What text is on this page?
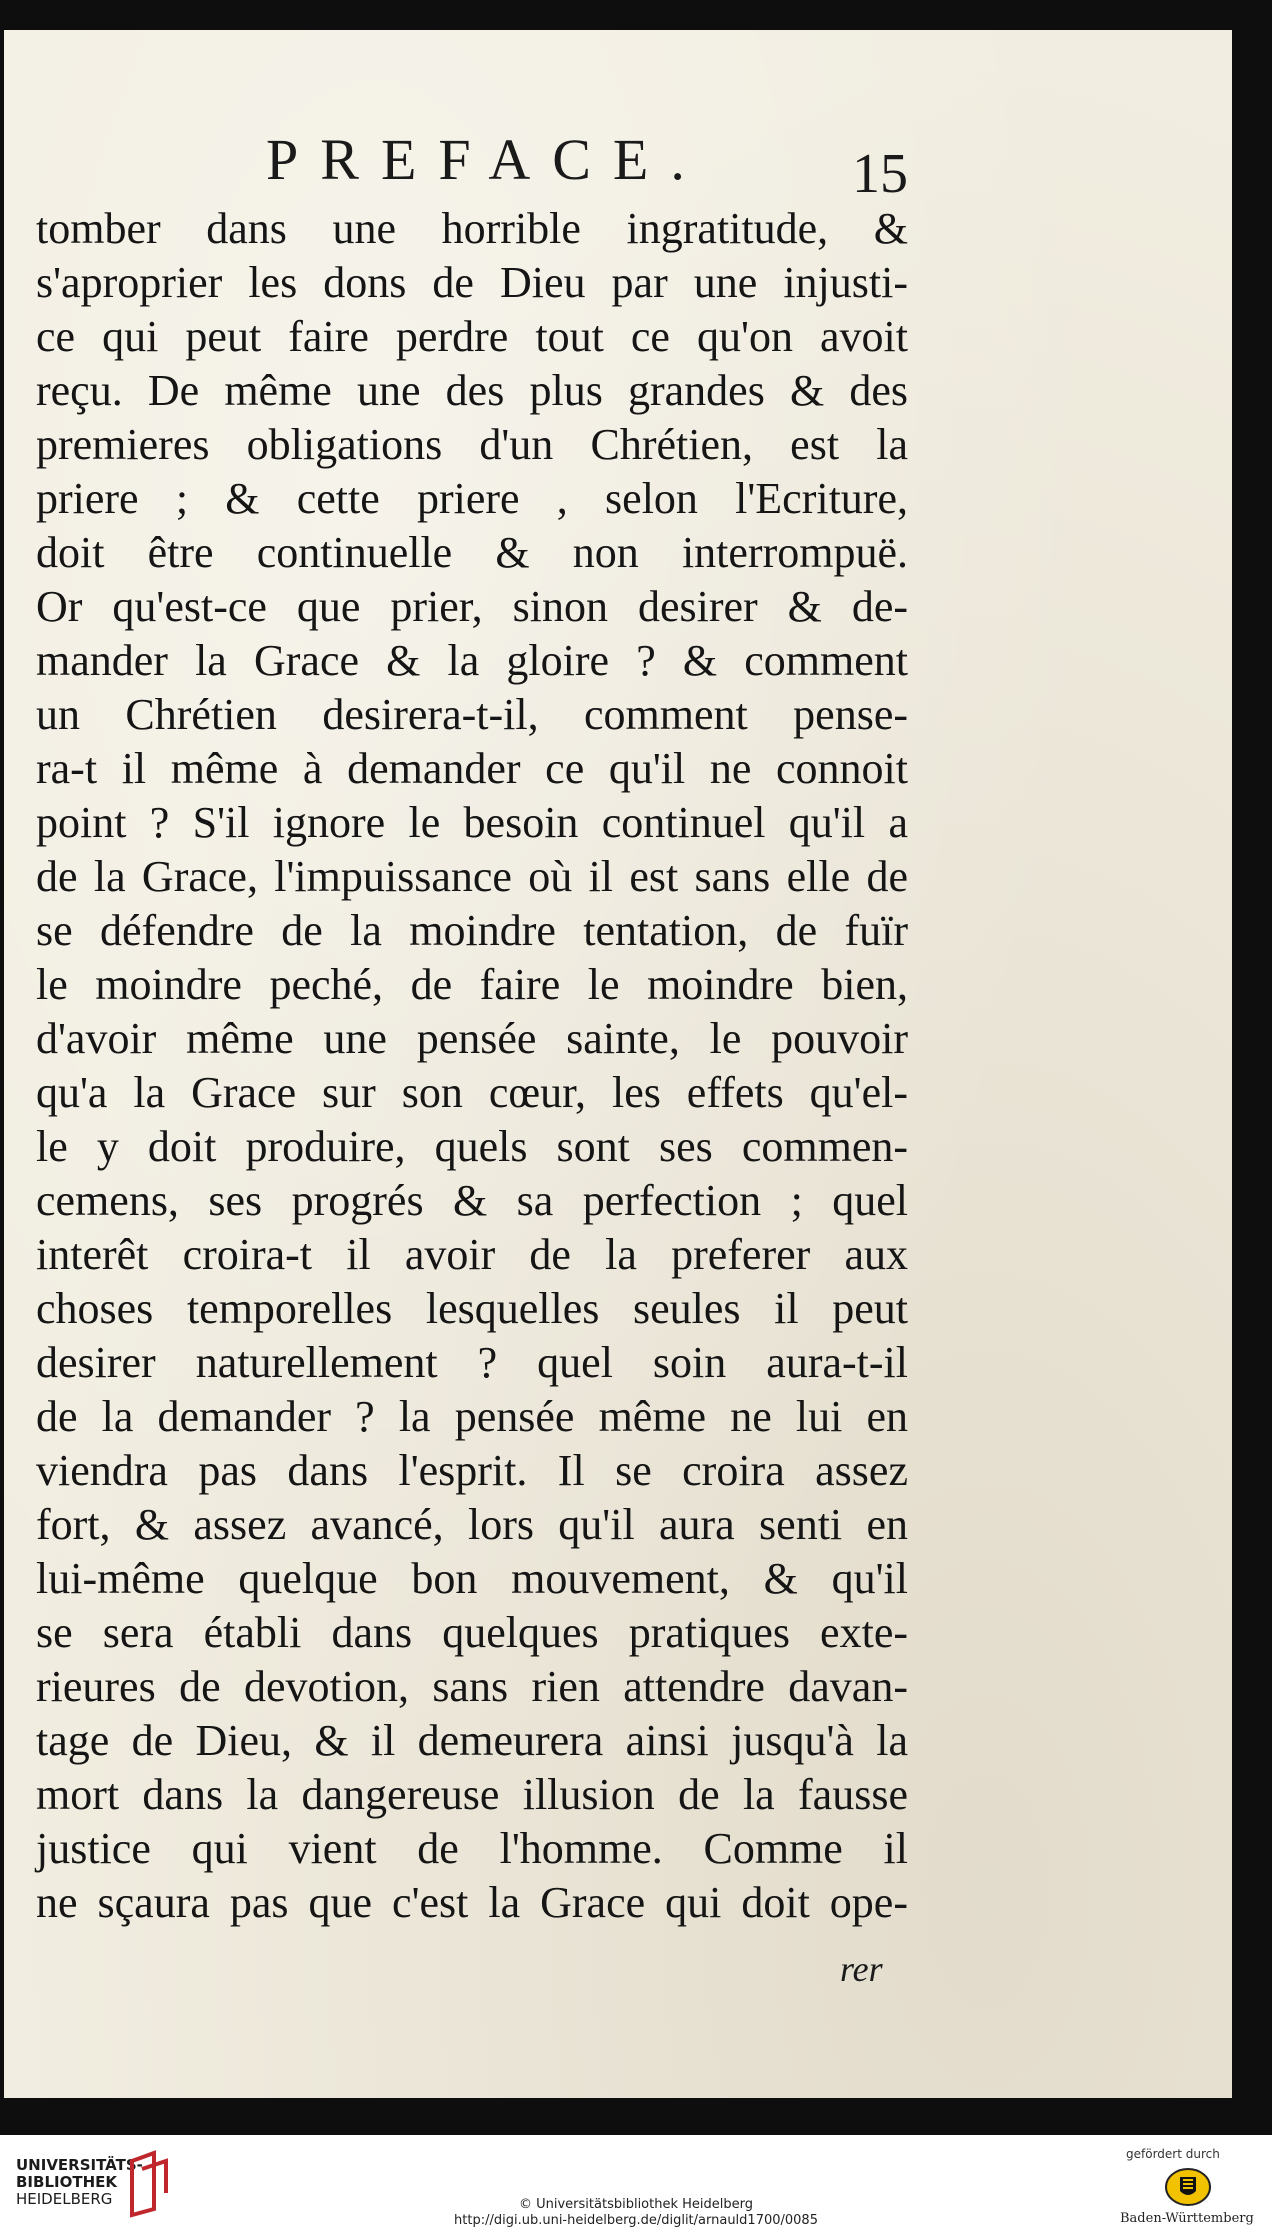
PREFACE.	15
tomber dans une horrible ingratitude, &
s'aproprier les dons de Dieu par une injusti-
ce qui peut faire perdre tout ce qu'on avoit
reçu. De même une des plus grandes & des
premieres obligations d'un Chrétien, est la
priere ; & cette priere , selon l'Ecriture,
doit être continuelle & non interrompuë.
Or qu'est-ce que prier, sinon desirer & de-
mander la Grace & la gloire ? & comment
un Chrétien desirera-t-il, comment pense-
ra-t il même à demander ce qu'il ne connoit
point ? S'il ignore le besoin continuel qu'il a
de la Grace, l'impuissance où il est sans elle de
se défendre de la moindre tentation, de fuïr
le moindre peché, de faire le moindre bien,
d'avoir même une pensée sainte, le pouvoir
qu'a la Grace sur son cœur, les effets qu'el-
le y doit produire, quels sont ses commen-
cemens, ses progrés & sa perfection ; quel
interêt croira-t il avoir de la preferer aux
choses temporelles lesquelles seules il peut
desirer naturellement ? quel soin aura-t-il
de la demander ? la pensée même ne lui en
viendra pas dans l'esprit. Il se croira assez
fort, & assez avancé, lors qu'il aura senti en
lui-même quelque bon mouvement, & qu'il
se sera établi dans quelques pratiques exte-
rieures de devotion, sans rien attendre davan-
tage de Dieu, & il demeurera ainsi jusqu'à la
mort dans la dangereuse illusion de la fausse
justice qui vient de l'homme. Comme il
ne sçaura pas que c'est la Grace qui doit ope-
rer
UNIVERSITÄTS-
BIBLIOTHEK
HEIDELBERG	© Universitätsbibliothek Heidelberg
http://digi.ub.uni-heidelberg.de/diglit/arnauld1700/0085
gefördert durch
Baden-Württemberg
